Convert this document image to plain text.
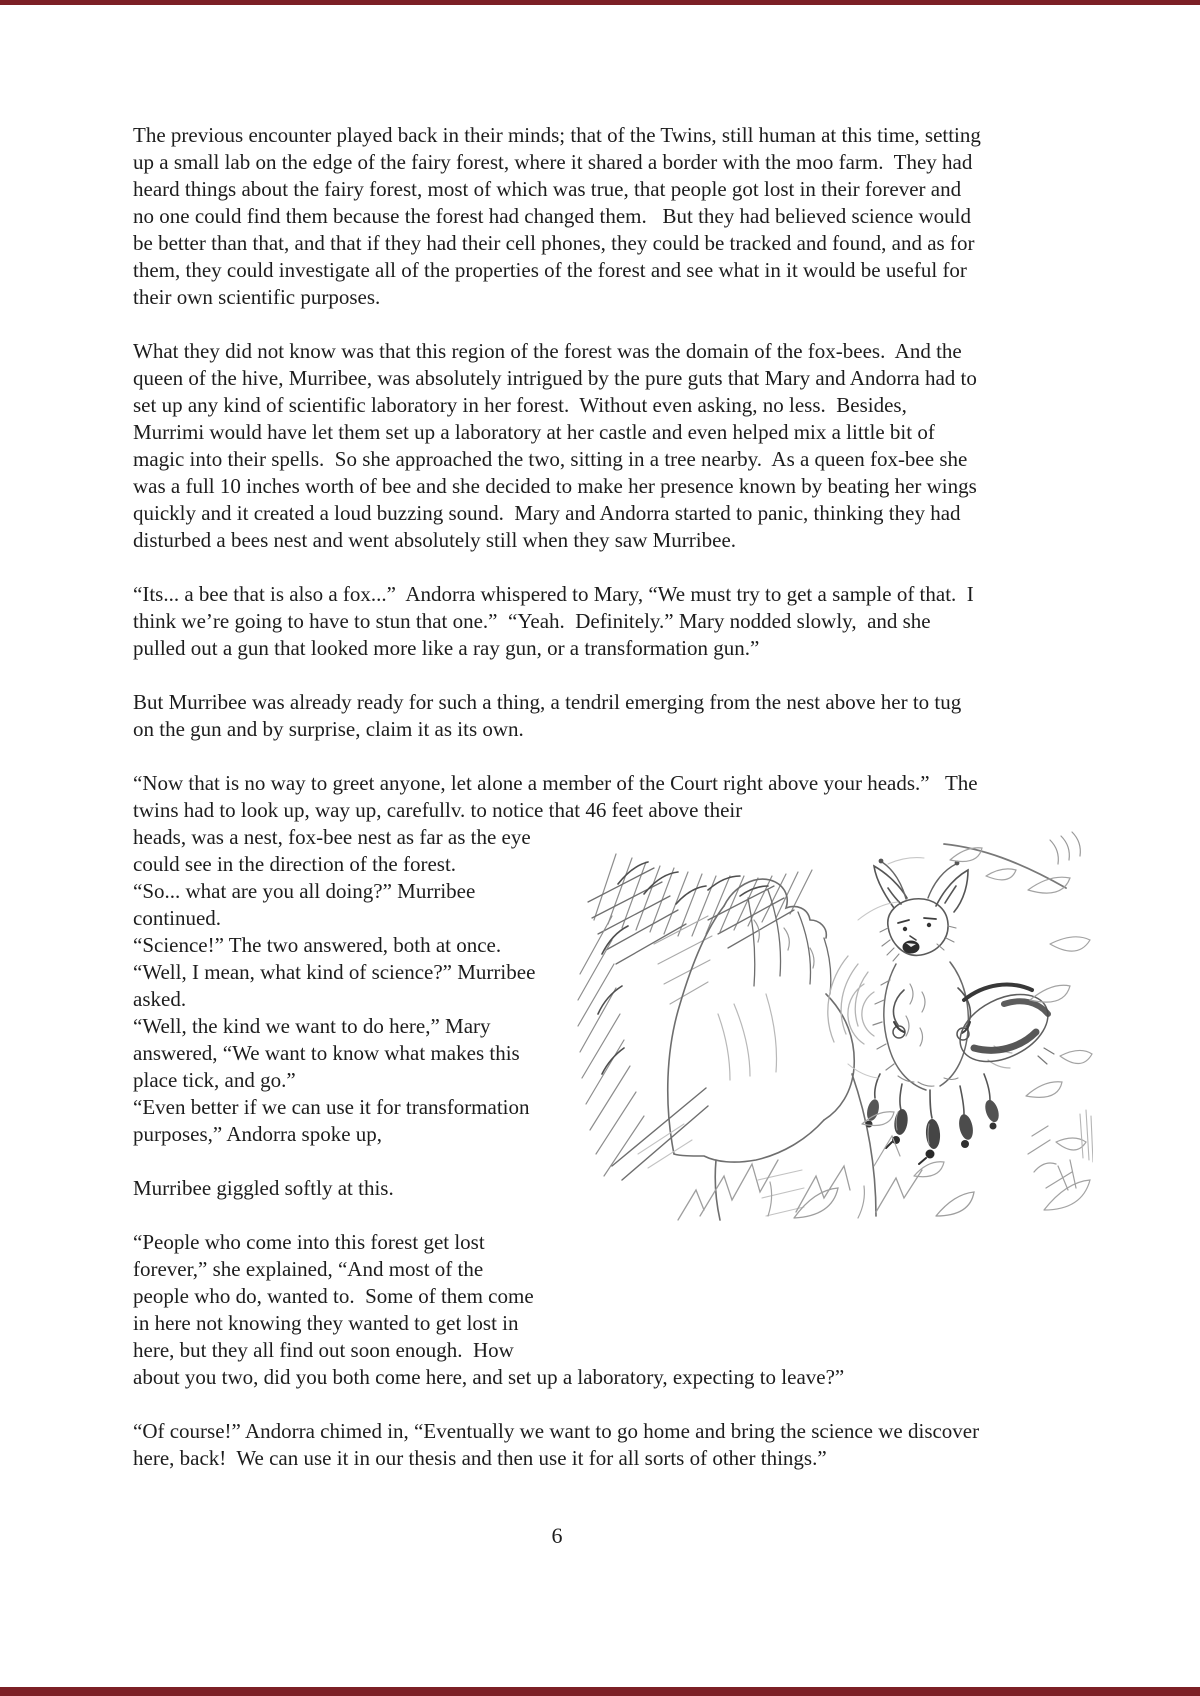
The previous encounter played back in their minds; that of the Twins, still human at this time, setting up a small lab on the edge of the fairy forest, where it shared a border with the moo farm.  They had heard things about the fairy forest, most of which was true, that people got lost in their forever and no one could find them because the forest had changed them.   But they had believed science would be better than that, and that if they had their cell phones, they could be tracked and found, and as for them, they could investigate all of the properties of the forest and see what in it would be useful for their own scientific purposes.

What they did not know was that this region of the forest was the domain of the fox-bees.  And the queen of the hive, Murribee, was absolutely intrigued by the pure guts that Mary and Andorra had to set up any kind of scientific laboratory in her forest.  Without even asking, no less.  Besides, Murrimi would have let them set up a laboratory at her castle and even helped mix a little bit of magic into their spells.  So she approached the two, sitting in a tree nearby.  As a queen fox-bee she was a full 10 inches worth of bee and she decided to make her presence known by beating her wings quickly and it created a loud buzzing sound.  Mary and Andorra started to panic, thinking they had disturbed a bees nest and went absolutely still when they saw Murribee.

“Its... a bee that is also a fox...”  Andorra whispered to Mary, “We must try to get a sample of that.  I think we’re going to have to stun that one.”  “Yeah.  Definitely.” Mary nodded slowly,  and she pulled out a gun that looked more like a ray gun, or a transformation gun.”

But Murribee was already ready for such a thing, a tendril emerging from the nest above her to tug on the gun and by surprise, claim it as its own.

“Now that is no way to greet anyone, let alone a member of the Court right above your heads.”   The twins had to look up, way up, carefullv. to notice that 46 feet above their

heads, was a nest, fox-bee nest as far as the eye could see in the direction of the forest.

“So... what are you all doing?” Murribee continued.

“Science!” The two answered, both at once.

“Well, I mean, what kind of science?” Murribee asked.

“Well, the kind we want to do here,” Mary answered, “We want to know what makes this place tick, and go.”

“Even better if we can use it for transformation purposes,” Andorra spoke up,

Murribee giggled softly at this.

“People who come into this forest get lost forever,” she explained, “And most of the

people who do, wanted to.  Some of them come in here not knowing they wanted to get lost in here, but they all find out soon enough.  How about you two, did you both come here, and set up a laboratory, expecting to leave?”

“Of course!” Andorra chimed in, “Eventually we want to go home and bring the science we discover here, back!  We can use it in our thesis and then use it for all sorts of other things.”

6
